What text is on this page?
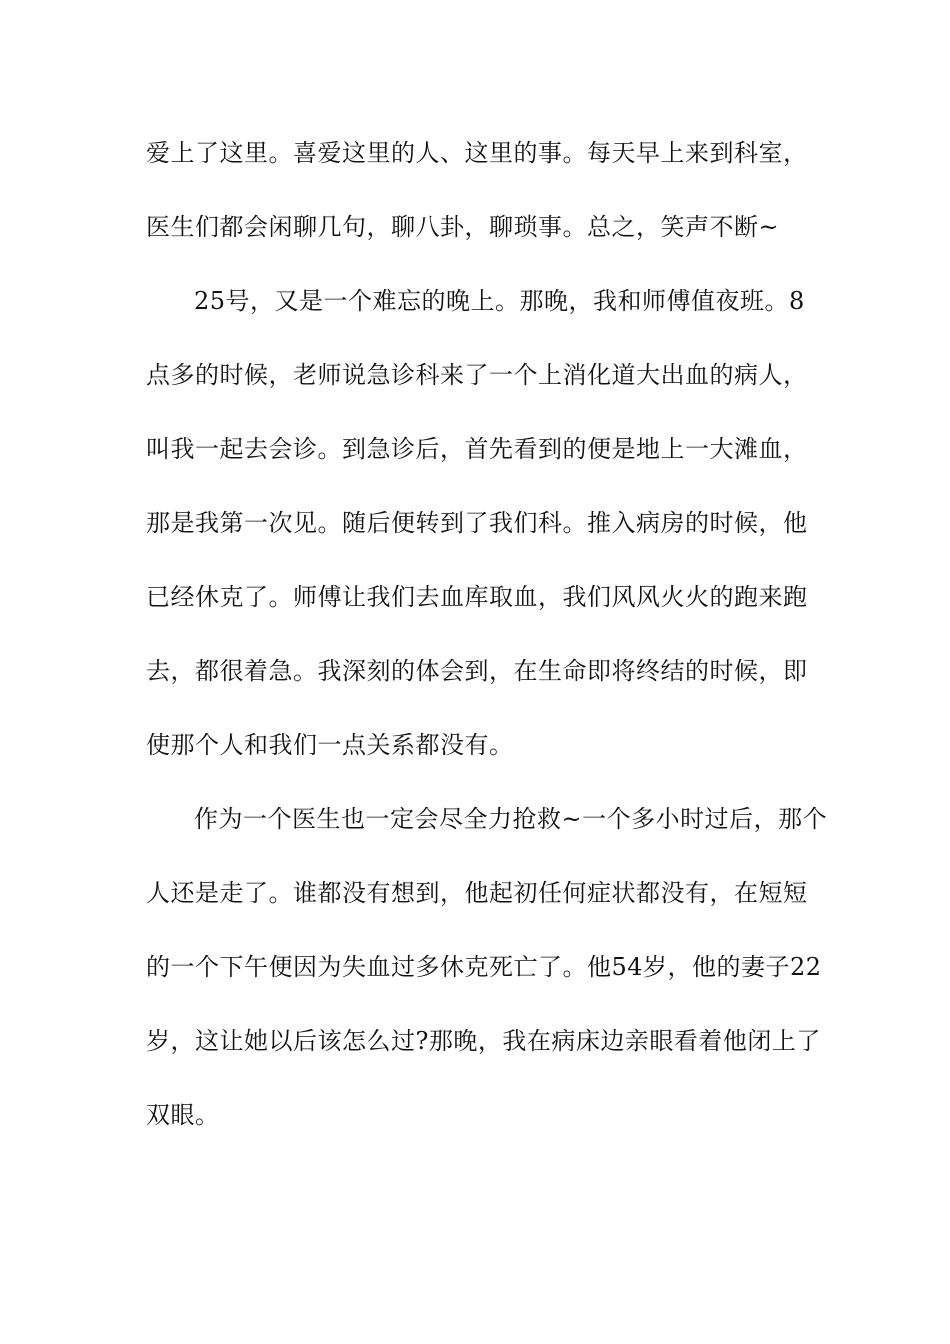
爱上了这里。喜爱这里的人、这里的事。每天早上来到科室，
医生们都会闲聊几句，聊八卦，聊琐事。总之，笑声不断~
25号，又是一个难忘的晚上。那晚，我和师傅值夜班。8
点多的时候，老师说急诊科来了一个上消化道大出血的病人，
叫我一起去会诊。到急诊后，首先看到的便是地上一大滩血，
那是我第一次见。随后便转到了我们科。推入病房的时候，他
已经休克了。师傅让我们去血库取血，我们风风火火的跑来跑
去，都很着急。我深刻的体会到，在生命即将终结的时候，即
使那个人和我们一点关系都没有。
作为一个医生也一定会尽全力抢救~一个多小时过后，那个
人还是走了。谁都没有想到，他起初任何症状都没有，在短短
的一个下午便因为失血过多休克死亡了。他54岁，他的妻子22
岁，这让她以后该怎么过?那晚，我在病床边亲眼看着他闭上了
双眼。
